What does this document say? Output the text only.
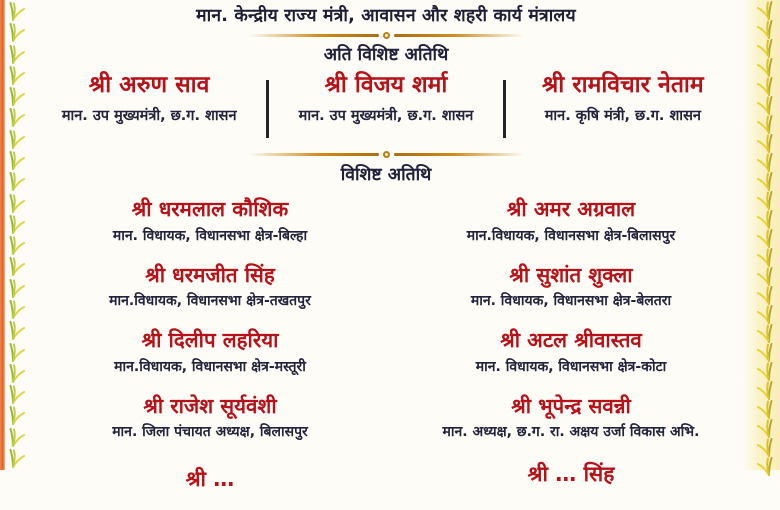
मान. केन्द्रीय राज्य मंत्री, आवासन और शहरी कार्य मंत्रालय
अति विशिष्ट अतिथि
श्री अरुण साव
मान. उप मुख्यमंत्री, छ.ग. शासन
श्री विजय शर्मा
मान. उप मुख्यमंत्री, छ.ग. शासन
श्री रामविचार नेताम
मान. कृषि मंत्री, छ.ग. शासन
विशिष्ट अतिथि
श्री धरमलाल कौशिक
मान. विधायक, विधानसभा क्षेत्र-बिल्हा
श्री धरमजीत सिंह
मान.विधायक, विधानसभा क्षेत्र-तखतपुर
श्री दिलीप लहरिया
मान.विधायक, विधानसभा क्षेत्र-मस्तूरी
श्री राजेश सूर्यवंशी
मान. जिला पंचायत अध्यक्ष, बिलासपुर
श्री …
श्री अमर अग्रवाल
मान.विधायक, विधानसभा क्षेत्र-बिलासपुर
श्री सुशांत शुक्ला
मान. विधायक, विधानसभा क्षेत्र-बेलतरा
श्री अटल श्रीवास्तव
मान. विधायक, विधानसभा क्षेत्र-कोटा
श्री भूपेन्द्र सवन्नी
मान. अध्यक्ष, छ.ग. रा. अक्षय उर्जा विकास अभि.
श्री … सिंह
